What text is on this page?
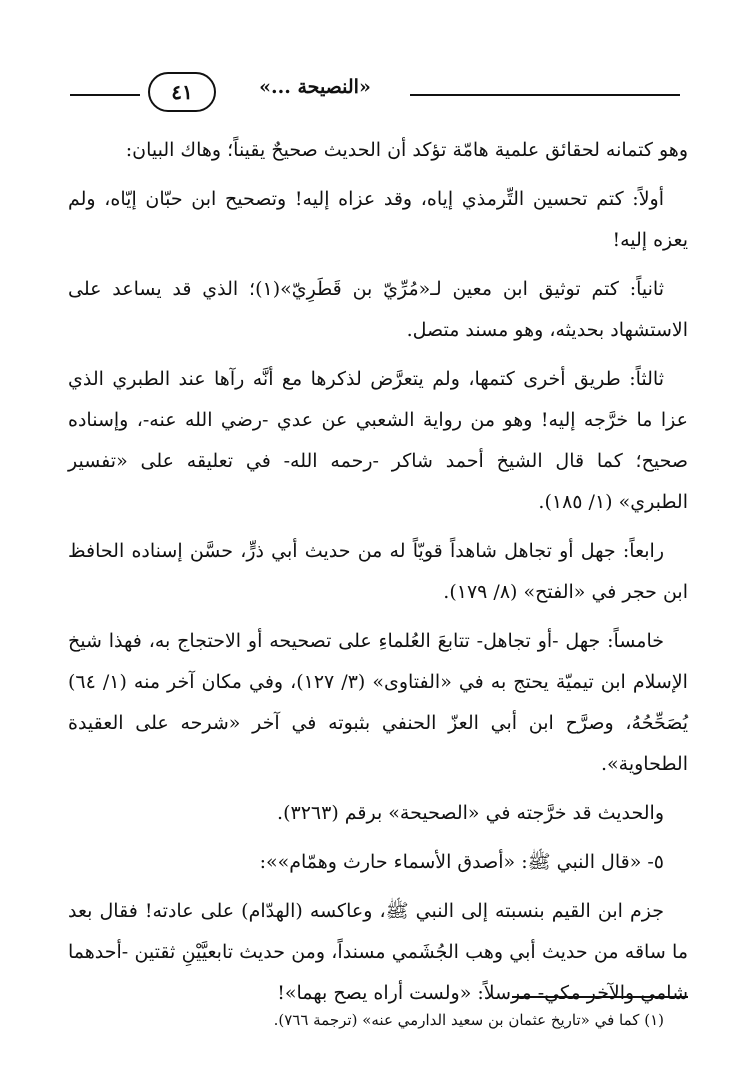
٤١	«النصيحة ...»

وهو كتمانه لحقائق علمية هامّة تؤكد أن الحديث صحيحٌ يقيناً؛ وهاك البيان:

أولاً: كتم تحسين التِّرمذي إياه، وقد عزاه إليه! وتصحيح ابن حبّان إيّاه، ولم يعزه إليه!

ثانياً: كتم توثيق ابن معين لـ«مُرِّيّ بن قَطَرِيّ»(١)؛ الذي قد يساعد على الاستشهاد بحديثه، وهو مسند متصل.

ثالثاً: طريق أخرى كتمها، ولم يتعرَّض لذكرها مع أنَّه رآها عند الطبري الذي عزا ما خرَّجه إليه! وهو من رواية الشعبي عن عدي -رضي الله عنه-، وإسناده صحيح؛ كما قال الشيخ أحمد شاكر -رحمه الله- في تعليقه على «تفسير الطبري» (١/ ١٨٥).

رابعاً: جهل أو تجاهل شاهداً قويّاً له من حديث أبي ذرٍّ، حسَّن إسناده الحافظ ابن حجر في «الفتح» (٨/ ١٧٩).

خامساً: جهل -أو تجاهل- تتابعَ العُلماءِ على تصحيحه أو الاحتجاج به، فهذا شيخ الإسلام ابن تيميّة يحتج به في «الفتاوى» (٣/ ١٢٧)، وفي مكان آخر منه (١/ ٦٤) يُصَحِّحُهُ، وصرَّح ابن أبي العزّ الحنفي بثبوته في آخر «شرحه على العقيدة الطحاوية».

والحديث قد خرَّجته في «الصحيحة» برقم (٣٢٦٣).

٥- «قال النبي ﷺ: «أصدق الأسماء حارث وهمّام»»:

جزم ابن القيم بنسبته إلى النبي ﷺ، وعاكسه (الهدّام) على عادته! فقال بعد ما ساقه من حديث أبي وهب الجُشَمي مسنداً، ومن حديث تابعيَّيْنِ ثقتين -أحدهما شامي والآخر مكي- مرسلاً: «ولست أراه يصح بهما»!

(١) كما في «تاريخ عثمان بن سعيد الدارمي عنه» (ترجمة ٧٦٦).
